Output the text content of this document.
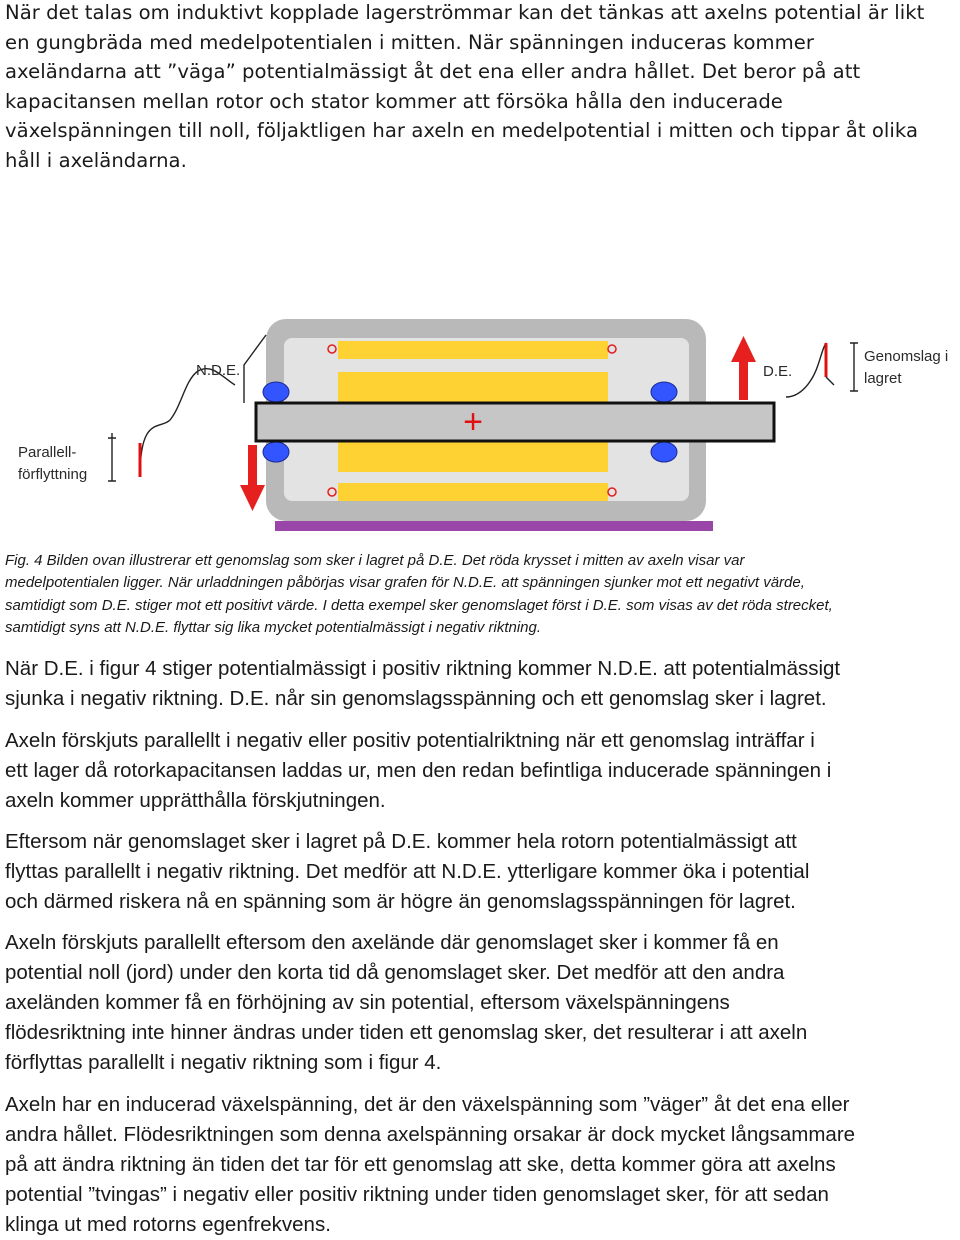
När det talas om induktivt kopplade lagerströmmar kan det tänkas att axelns potential är likt
en gungbräda med medelpotentialen i mitten. När spänningen induceras kommer
axeländarna att ”väga” potentialmässigt åt det ena eller andra hållet. Det beror på att
kapacitansen mellan rotor och stator kommer att försöka hålla den inducerade
växelspänningen till noll, följaktligen har axeln en medelpotential i mitten och tippar åt olika
håll i axeländarna.
+
N.D.E.	D.E.
Parallell-
förflyttning
Genomslag i
lagret
Fig. 4 Bilden ovan illustrerar ett genomslag som sker i lagret på D.E. Det röda krysset i mitten av axeln visar var
medelpotentialen ligger. När urladdningen påbörjas visar grafen för N.D.E. att spänningen sjunker mot ett negativt värde,
samtidigt som D.E. stiger mot ett positivt värde. I detta exempel sker genomslaget först i D.E. som visas av det röda strecket,
samtidigt syns att N.D.E. flyttar sig lika mycket potentialmässigt i negativ riktning.
När D.E. i figur 4 stiger potentialmässigt i positiv riktning kommer N.D.E. att potentialmässigt
sjunka i negativ riktning. D.E. når sin genomslagsspänning och ett genomslag sker i lagret.
Axeln förskjuts parallellt i negativ eller positiv potentialriktning när ett genomslag inträffar i
ett lager då rotorkapacitansen laddas ur, men den redan befintliga inducerade spänningen i
axeln kommer upprätthålla förskjutningen.
Eftersom när genomslaget sker i lagret på D.E. kommer hela rotorn potentialmässigt att
flyttas parallellt i negativ riktning. Det medför att N.D.E. ytterligare kommer öka i potential
och därmed riskera nå en spänning som är högre än genomslagsspänningen för lagret.
Axeln förskjuts parallellt eftersom den axelände där genomslaget sker i kommer få en
potential noll (jord) under den korta tid då genomslaget sker. Det medför att den andra
axeländen kommer få en förhöjning av sin potential, eftersom växelspänningens
flödesriktning inte hinner ändras under tiden ett genomslag sker, det resulterar i att axeln
förflyttas parallellt i negativ riktning som i figur 4.
Axeln har en inducerad växelspänning, det är den växelspänning som ”väger” åt det ena eller
andra hållet. Flödesriktningen som denna axelspänning orsakar är dock mycket långsammare
på att ändra riktning än tiden det tar för ett genomslag att ske, detta kommer göra att axelns
potential ”tvingas” i negativ eller positiv riktning under tiden genomslaget sker, för att sedan
klinga ut med rotorns egenfrekvens.
